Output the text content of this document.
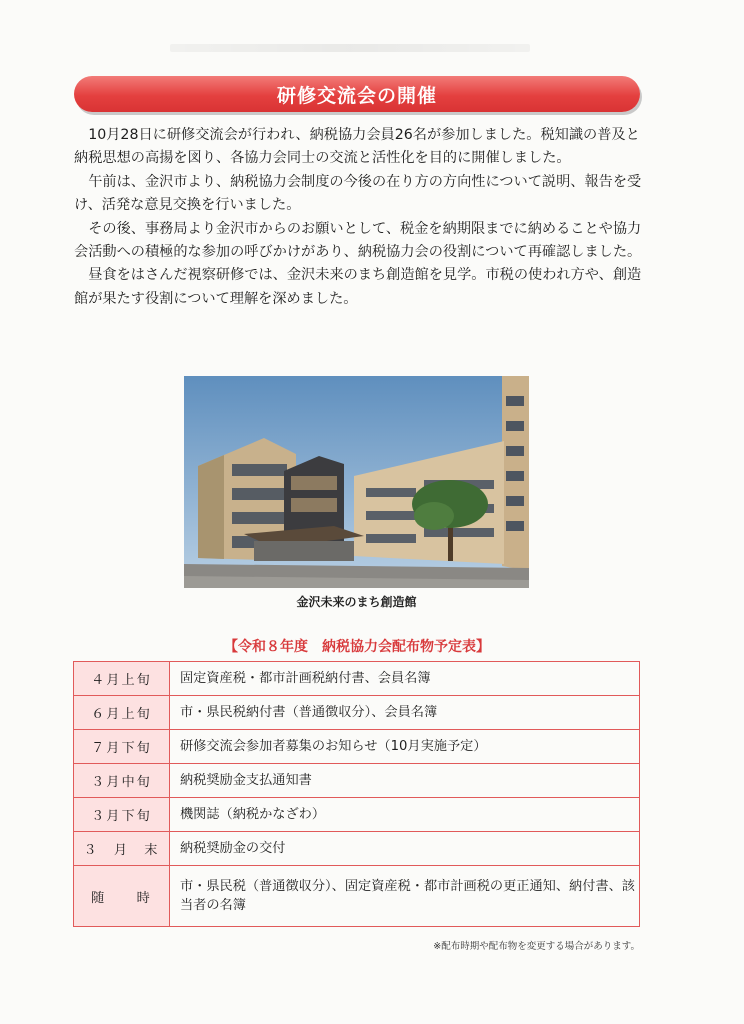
研修交流会の開催

10月28日に研修交流会が行われ、納税協力会員26名が参加しました。税知識の普及と納税思想の高揚を図り、各協力会同士の交流と活性化を目的に開催しました。

午前は、金沢市より、納税協力会制度の今後の在り方の方向性について説明、報告を受け、活発な意見交換を行いました。

その後、事務局より金沢市からのお願いとして、税金を納期限までに納めることや協力会活動への積極的な参加の呼びかけがあり、納税協力会の役割について再確認しました。

昼食をはさんだ視察研修では、金沢未来のまち創造館を見学。市税の使われ方や、創造館が果たす役割について理解を深めました。

金沢未来のまち創造館
【令和８年度　納税協力会配布物予定表】
４月上旬	固定資産税・都市計画税納付書、会員名簿
６月上旬	市・県民税納付書（普通徴収分）、会員名簿
７月下旬	研修交流会参加者募集のお知らせ（10月実施予定）
３月中旬	納税奨励金支払通知書
３月下旬	機関誌（納税かなざわ）
３　月　末	納税奨励金の交付
随　　時	市・県民税（普通徴収分）、固定資産税・都市計画税の更正通知、納付書、該当者の名簿
※配布時期や配布物を変更する場合があります。
